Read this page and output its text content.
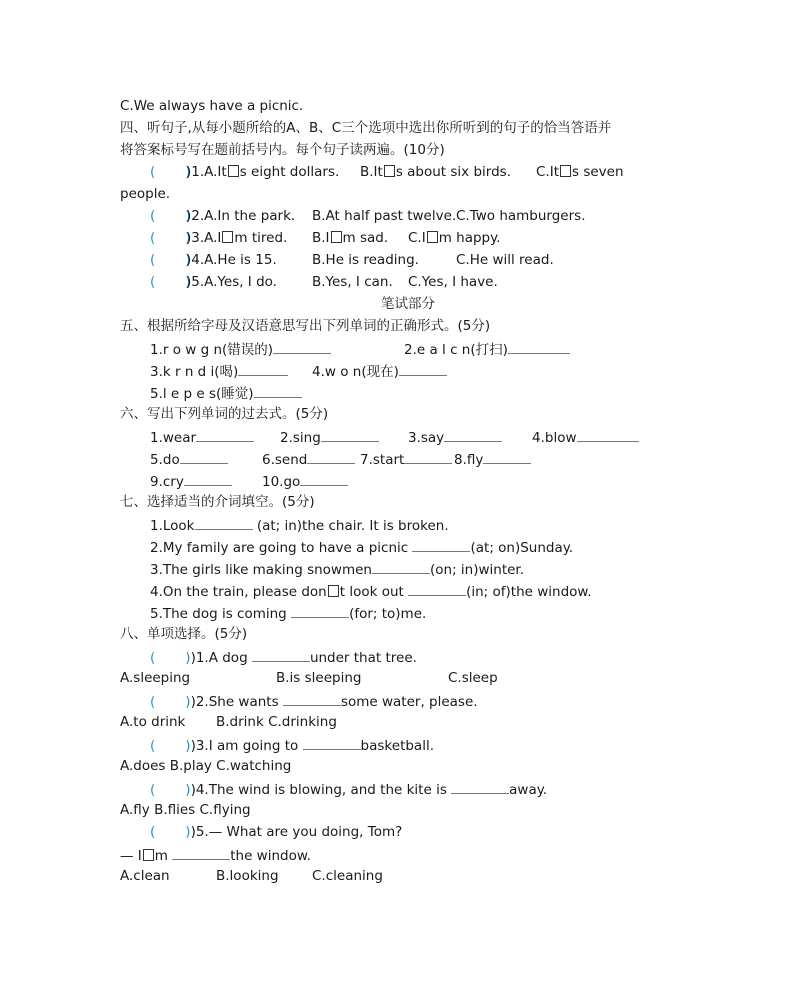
C.We always have a picnic.
四、听句子,从每小题所给的A、B、C三个选项中选出你所听到的句子的恰当答语并
将答案标号写在题前括号内。每个句子读两遍。(10分)
(  )
)1.A.It s eight dollars. B.It s about six birds. C.It s seven
people.
(  )
)2.A.In the park. B.At half past twelve. C.Two hamburgers.
(  )
)3.A.I m tired. B.I m sad. C.I m happy.
(  )
)4.A.He is 15.	B.He is reading.	C.He will read.
(  )
)5.A.Yes, I do.	B.Yes, I can. C.Yes, I have.
笔试部分
五、根据所给字母及汉语意思写出下列单词的正确形式。(5分)
1.r o w g n(错误的)	2.e a l c n(打扫)
3.k r n d i(喝)	4.w o n(现在)
5.l e p e s(睡觉)
六、写出下列单词的过去式。(5分)
1.wear	2.sing	3.say	4.blow
5.do	6.send	7.start	8.fly
9.cry	10.go
七、选择适当的介词填空。(5分)
1.Look	(at; in)the chair. It is broken.
2.My family are going to have a picnic	(at; on)Sunday.
3.The girls like making snowmen	(on; in)winter.
4.On the train, please don t look out	(in; of)the window.
5.The dog is coming	(for; to)me.
八、单项选择。(5分)
(  ))1.A dog	under that tree.
A.sleeping	B.is sleeping	C.sleep
(  ))2.She wants	some water, please.
A.to drink B.drink C.drinking
(  ))3.I am going to	basketball.
A.does B.play C.watching
(  ))4.The wind is blowing, and the kite is	away.
A.fly B.flies C.flying
(  ))5.— What are you doing, Tom?
— I m	the window.
A.clean	B.looking C.cleaning
